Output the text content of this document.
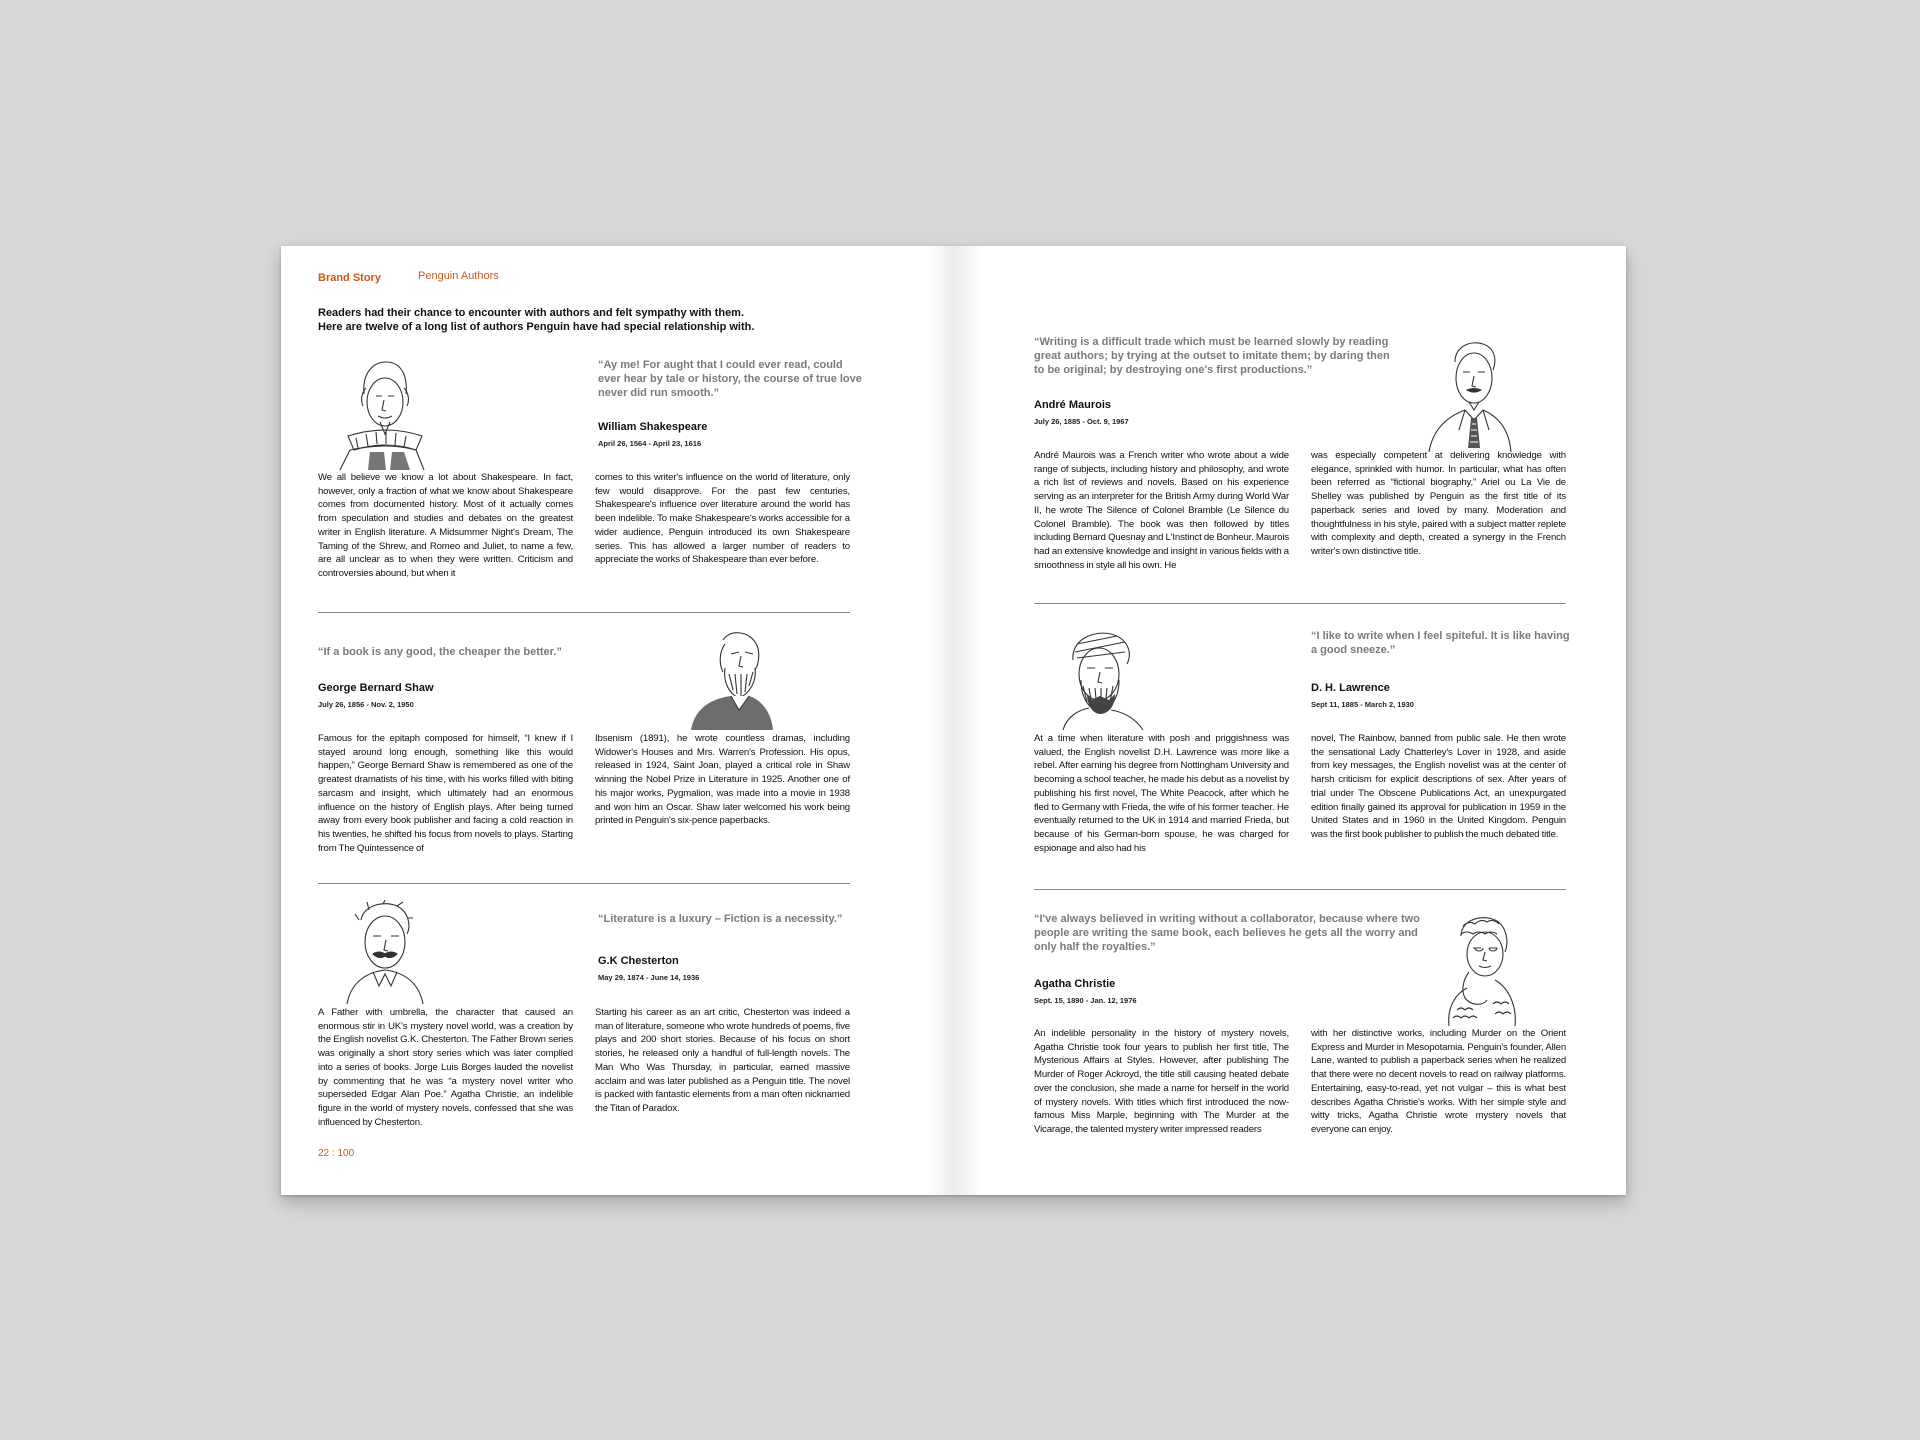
Brand Story	Penguin Authors
Readers had their chance to encounter with authors and felt sympathy with them.
Here are twelve of a long list of authors Penguin have had special relationship with.
“Ay me! For aught that I could ever read, could
ever hear by tale or history, the course of true love
never did run smooth.”
William Shakespeare
April 26, 1564 - April 23, 1616
We all believe we know a lot about Shakespeare. In fact, however, only a fraction of what we know about Shakespeare comes from documented history. Most of it actually comes from speculation and studies and debates on the greatest writer in English literature. A Midsummer Night's Dream, The Taming of the Shrew, and Romeo and Juliet, to name a few, are all unclear as to when they were written. Criticism and controversies abound, but when it
comes to this writer's influence on the world of literature, only few would disapprove. For the past few centuries, Shakespeare's influence over literature around the world has been indelible. To make Shakespeare's works accessible for a wider audience, Penguin introduced its own Shakespeare series. This has allowed a larger number of readers to appreciate the works of Shakespeare than ever before.
“If a book is any good, the cheaper the better.”
George Bernard Shaw
July 26, 1856 - Nov. 2, 1950
Famous for the epitaph composed for himself, “I knew if I stayed around long enough, something like this would happen,” George Bernard Shaw is remembered as one of the greatest dramatists of his time, with his works filled with biting sarcasm and insight, which ultimately had an enormous influence on the history of English plays. After being turned away from every book publisher and facing a cold reaction in his twenties, he shifted his focus from novels to plays. Starting from The Quintessence of
Ibsenism (1891), he wrote countless dramas, including Widower's Houses and Mrs. Warren's Profession. His opus, released in 1924, Saint Joan, played a critical role in Shaw winning the Nobel Prize in Literature in 1925. Another one of his major works, Pygmalion, was made into a movie in 1938 and won him an Oscar. Shaw later welcomed his work being printed in Penguin's six-pence paperbacks.
“Literature is a luxury – Fiction is a necessity.”
G.K Chesterton
May 29, 1874 - June 14, 1936
A Father with umbrella, the character that caused an enormous stir in UK's mystery novel world, was a creation by the English novelist G.K. Chesterton. The Father Brown series was originally a short story series which was later complied into a series of books. Jorge Luis Borges lauded the novelist by commenting that he was “a mystery novel writer who superseded Edgar Alan Poe.” Agatha Christie, an indelible figure in the world of mystery novels, confessed that she was influenced by Chesterton.
Starting his career as an art critic, Chesterton was indeed a man of literature, someone who wrote hundreds of poems, five plays and 200 short stories. Because of his focus on short stories, he released only a handful of full-length novels. The Man Who Was Thursday, in particular, earned massive acclaim and was later published as a Penguin title. The novel is packed with fantastic elements from a man often nicknamed the Titan of Paradox.
22 : 100
“Writing is a difficult trade which must be learned slowly by reading
great authors; by trying at the outset to imitate them; by daring then
to be original; by destroying one's first productions.”
André Maurois
July 26, 1885 - Oct. 9, 1967
André Maurois was a French writer who wrote about a wide range of subjects, including history and philosophy, and wrote a rich list of reviews and novels. Based on his experience serving as an interpreter for the British Army during World War II, he wrote The Silence of Colonel Bramble (Le Silence du Colonel Bramble). The book was then followed by titles including Bernard Quesnay and L'Instinct de Bonheur. Maurois had an extensive knowledge and insight in various fields with a smoothness in style all his own. He
was especially competent at delivering knowledge with elegance, sprinkled with humor. In particular, what has often been referred as “fictional biography,” Ariel ou La Vie de Shelley was published by Penguin as the first title of its paperback series and loved by many. Moderation and thoughtfulness in his style, paired with a subject matter replete with complexity and depth, created a synergy in the French writer's own distinctive title.
“I like to write when I feel spiteful. It is like having
a good sneeze.”
D. H. Lawrence
Sept 11, 1885 - March 2, 1930
At a time when literature with posh and priggishness was valued, the English novelist D.H. Lawrence was more like a rebel. After earning his degree from Nottingham University and becoming a school teacher, he made his debut as a novelist by publishing his first novel, The White Peacock, after which he fled to Germany with Frieda, the wife of his former teacher. He eventually returned to the UK in 1914 and married Frieda, but because of his German-born spouse, he was charged for espionage and also had his
novel, The Rainbow, banned from public sale. He then wrote the sensational Lady Chatterley's Lover in 1928, and aside from key messages, the English novelist was at the center of harsh criticism for explicit descriptions of sex. After years of trial under The Obscene Publications Act, an unexpurgated edition finally gained its approval for publication in 1959 in the United States and in 1960 in the United Kingdom. Penguin was the first book publisher to publish the much debated title.
“I've always believed in writing without a collaborator, because where two
people are writing the same book, each believes he gets all the worry and
only half the royalties.”
Agatha Christie
Sept. 15, 1890 - Jan. 12, 1976
An indelible personality in the history of mystery novels, Agatha Christie took four years to publish her first title, The Mysterious Affairs at Styles. However, after publishing The Murder of Roger Ackroyd, the title still causing heated debate over the conclusion, she made a name for herself in the world of mystery novels. With titles which first introduced the now-famous Miss Marple, beginning with The Murder at the Vicarage, the talented mystery writer impressed readers
with her distinctive works, including Murder on the Orient Express and Murder in Mesopotamia. Penguin's founder, Allen Lane, wanted to publish a paperback series when he realized that there were no decent novels to read on railway platforms. Entertaining, easy-to-read, yet not vulgar – this is what best describes Agatha Christie's works. With her simple style and witty tricks, Agatha Christie wrote mystery novels that everyone can enjoy.
